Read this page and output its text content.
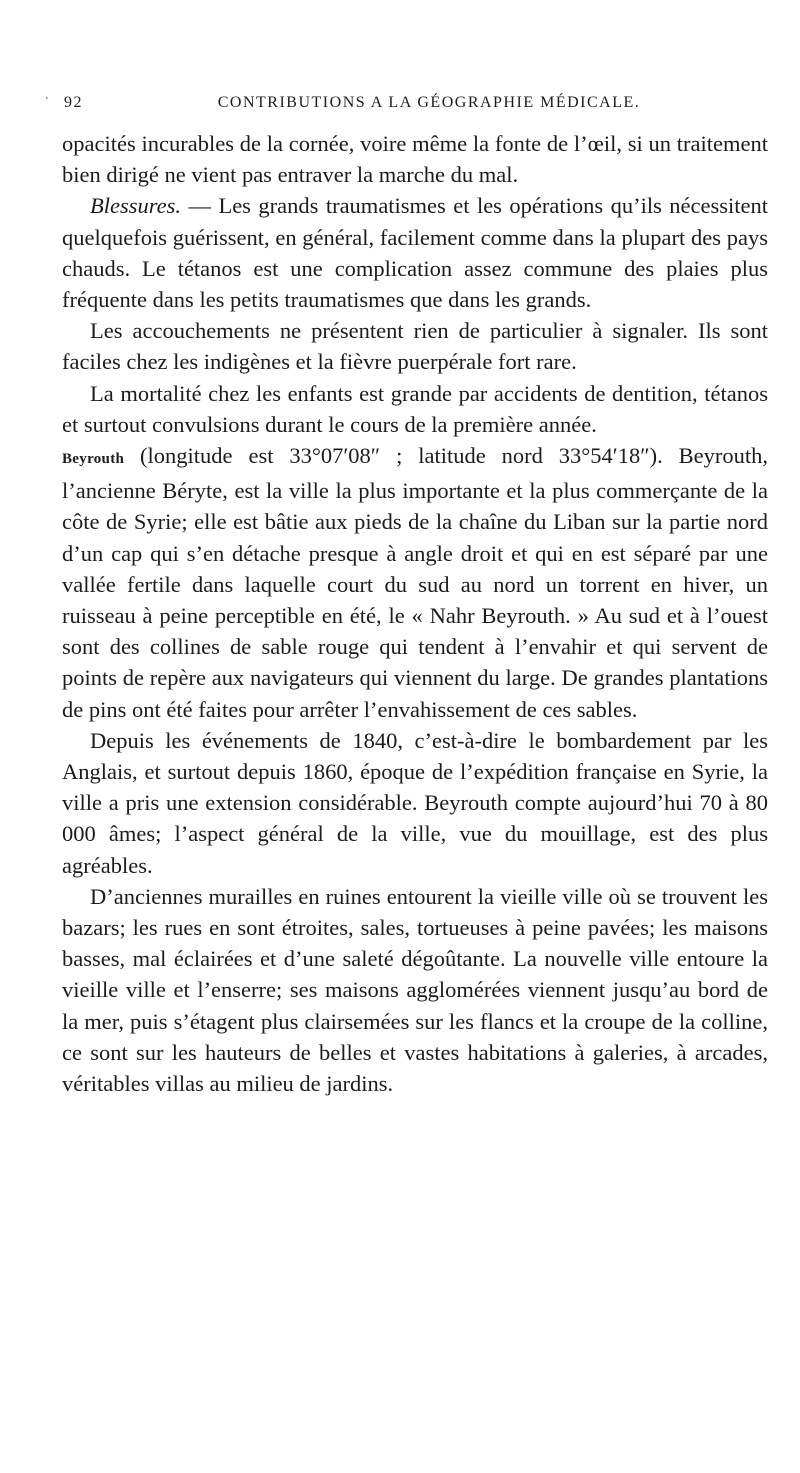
' 92	CONTRIBUTIONS A LA GÉOGRAPHIE MÉDICALE.

opacités incurables de la cornée, voire même la fonte de l’œil, si un traitement bien dirigé ne vient pas entraver la marche du mal.

Blessures. — Les grands traumatismes et les opérations qu’ils nécessitent quelquefois guérissent, en général, facilement comme dans la plupart des pays chauds. Le tétanos est une complication assez commune des plaies plus fréquente dans les petits traumatismes que dans les grands.

Les accouchements ne présentent rien de particulier à signaler. Ils sont faciles chez les indigènes et la fièvre puerpérale fort rare.

La mortalité chez les enfants est grande par accidents de dentition, tétanos et surtout convulsions durant le cours de la première année.

Beyrouth (longitude est 33°07′08″ ; latitude nord 33°54′18″). Beyrouth, l’ancienne Béryte, est la ville la plus importante et la plus commerçante de la côte de Syrie; elle est bâtie aux pieds de la chaîne du Liban sur la partie nord d’un cap qui s’en détache presque à angle droit et qui en est séparé par une vallée fertile dans laquelle court du sud au nord un torrent en hiver, un ruisseau à peine perceptible en été, le « Nahr Beyrouth. » Au sud et à l’ouest sont des collines de sable rouge qui tendent à l’envahir et qui servent de points de repère aux navigateurs qui viennent du large. De grandes plantations de pins ont été faites pour arrêter l’envahissement de ces sables.

Depuis les événements de 1840, c’est-à-dire le bombardement par les Anglais, et surtout depuis 1860, époque de l’expédition française en Syrie, la ville a pris une extension considérable. Beyrouth compte aujourd’hui 70 à 80 000 âmes; l’aspect général de la ville, vue du mouillage, est des plus agréables.

D’anciennes murailles en ruines entourent la vieille ville où se trouvent les bazars; les rues en sont étroites, sales, tortueuses à peine pavées; les maisons basses, mal éclairées et d’une saleté dégoûtante. La nouvelle ville entoure la vieille ville et l’enserre; ses maisons agglomérées viennent jusqu’au bord de la mer, puis s’étagent plus clairsemées sur les flancs et la croupe de la colline, ce sont sur les hauteurs de belles et vastes habitations à galeries, à arcades, véritables villas au milieu de jardins.
